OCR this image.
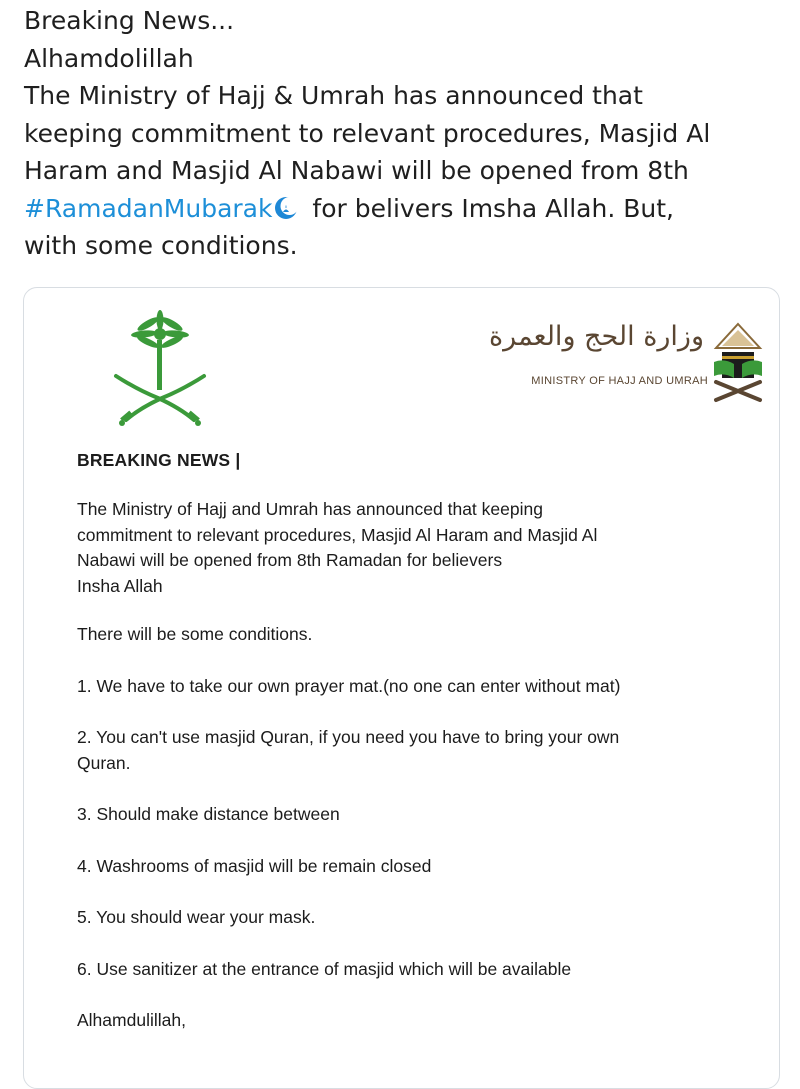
Breaking News...
Alhamdolillah
The Ministry of Hajj & Umrah has announced that
keeping commitment to relevant procedures, Masjid Al
Haram and Masjid Al Nabawi will be opened from 8th
#RamadanMubarak for belivers Imsha Allah. But,
with some conditions.
وزارة الحج والعمرة
MINISTRY OF HAJJ AND UMRAH

BREAKING NEWS |

The Ministry of Hajj and Umrah has announced that keeping
commitment to relevant procedures, Masjid Al Haram and Masjid Al
Nabawi will be opened from 8th Ramadan for believers
Insha Allah

There will be some conditions.

1. We have to take our own prayer mat.(no one can enter without mat)

2. You can't use masjid Quran, if you need you have to bring your own
Quran.

3. Should make distance between

4. Washrooms of masjid will be remain closed

5. You should wear your mask.

6. Use sanitizer at the entrance of masjid which will be available

Alhamdulillah,
